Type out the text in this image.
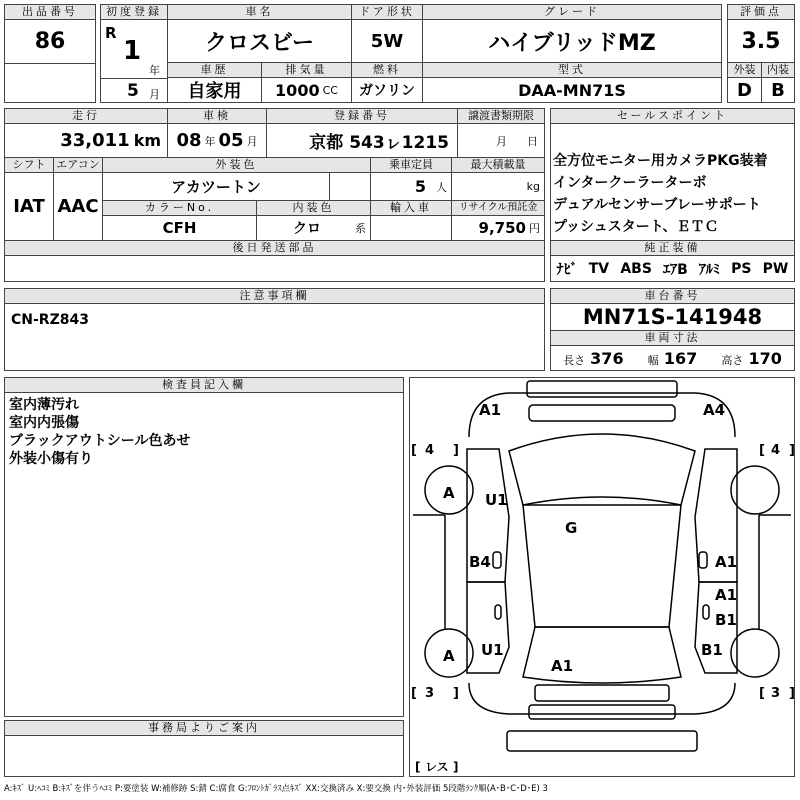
出品番号
86
初度登録
R
1
年
5 月
車名
クロスビー
ドア形状
5W
グレード
ハイブリッドMZ
評価点
3.5
車歴
自家用
排気量
1000 CC
燃料
ガソリン
型式
DAA-MN71S
外装	内装
D	B
走行
33,011 km
車検
08 年 05 月
登録番号
京都 543ㇾ1215
譲渡書類期限
月 日
セールスポイント
全方位モニター用カメラPKG装着
インタークーラーターボ
デュアルセンサーブレーサポート
プッシュスタート、ＥＴＣ
シフト
IAT
エアコン
AAC
外装色
アカツートン
乗車定員
5 人
最大積載量
kg
カラーNo.
CFH
内装色
クロ	系
輸入車	リサイクル預託金
9,750 円
後日発送部品	純正装備
ﾅﾋﾞ TV ABS ｴｱB ｱﾙﾐ PS PW
注意事項欄
CN-RZ843
車台番号
MN71S-141948
車両寸法
長さ 376 幅 167 高さ 170
検査員記入欄
室内薄汚れ
室内内張傷
ブラックアウトシール色あせ
外装小傷有り
事務局よりご案内
[ 4 ]	[ 4 ]
[ 3 ]	[ 3 ]
[ レス ]
A1	A4
A U1
G
B4	A1
A1
B1
A U1
A1
B1
A:ｷｽﾞ U:ﾍｺﾐ B:ｷｽﾞを伴うﾍｺﾐ P:要塗装 W:補修跡 S:錆 C:腐食 G:ﾌﾛﾝﾄｶﾞﾗｽ点ｷｽﾞ XX:交換済み X:要交換 内･外装評価 5段階ﾗﾝｸ順(A･B･C･D･E) 3
